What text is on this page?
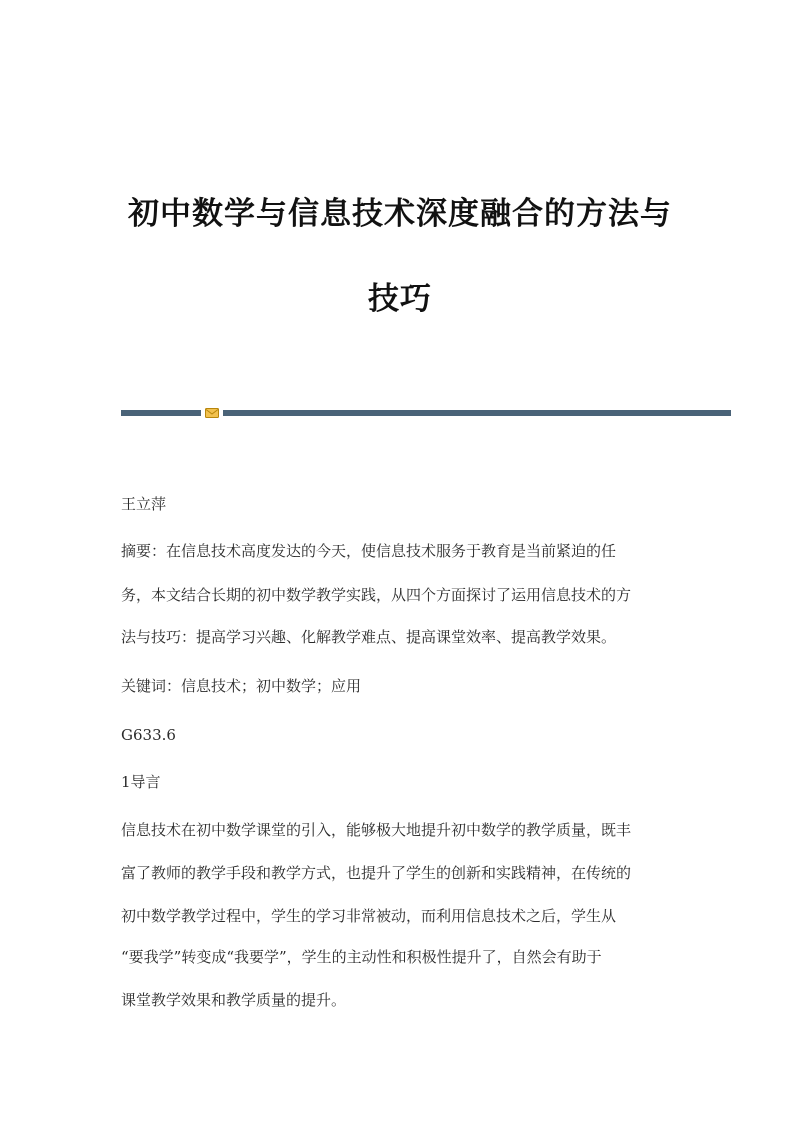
初中数学与信息技术深度融合的方法与
技巧
王立萍
摘要：在信息技术高度发达的今天，使信息技术服务于教育是当前紧迫的任
务，本文结合长期的初中数学教学实践，从四个方面探讨了运用信息技术的方
法与技巧：提高学习兴趣、化解教学难点、提高课堂效率、提高教学效果。
关键词：信息技术；初中数学；应用
G633.6
1导言
信息技术在初中数学课堂的引入，能够极大地提升初中数学的教学质量，既丰
富了教师的教学手段和教学方式，也提升了学生的创新和实践精神，在传统的
初中数学教学过程中，学生的学习非常被动，而利用信息技术之后，学生从
“要我学”转变成“我要学”，学生的主动性和积极性提升了，自然会有助于
课堂教学效果和教学质量的提升。
